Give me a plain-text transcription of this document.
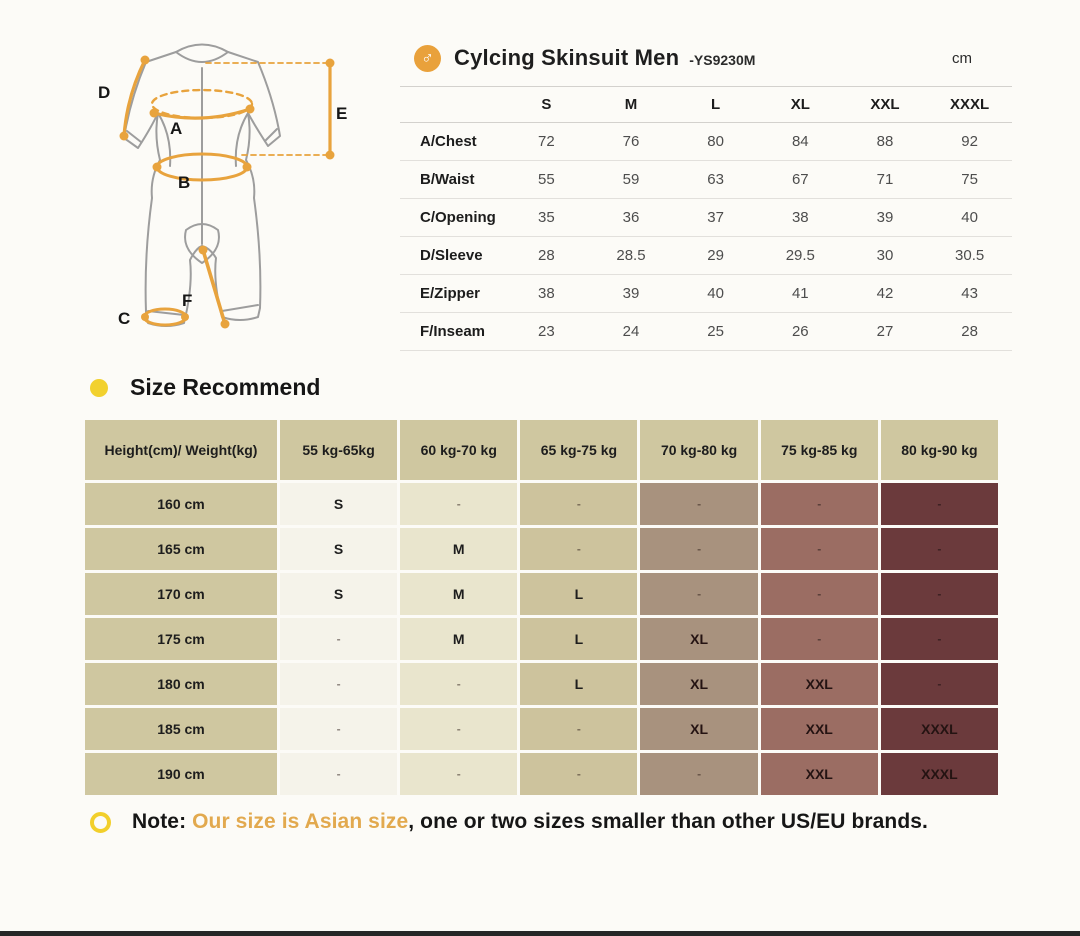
A
B
C
D
E
F
♂ Cylcing Skinsuit Men -YS9230M	cm
	S	M	L	XL	XXL	XXXL
A/Chest	72	76	80	84	88	92
B/Waist	55	59	63	67	71	75
C/Opening	35	36	37	38	39	40
D/Sleeve	28	28.5	29	29.5	30	30.5
E/Zipper	38	39	40	41	42	43
F/Inseam	23	24	25	26	27	28
Size Recommend
Height(cm)/ Weight(kg)	55 kg-65kg	60 kg-70 kg	65 kg-75 kg	70 kg-80 kg	75 kg-85 kg	80 kg-90 kg
160 cm	S	-	-	-	-	-
165 cm	S	M	-	-	-	-
170 cm	S	M	L	-	-	-
175 cm	-	M	L	XL	-	-
180 cm	-	-	L	XL	XXL	-
185 cm	-	-	-	XL	XXL	XXXL
190 cm	-	-	-	-	XXL	XXXL
Note: Our size is Asian size, one or two sizes smaller than other US/EU brands.
